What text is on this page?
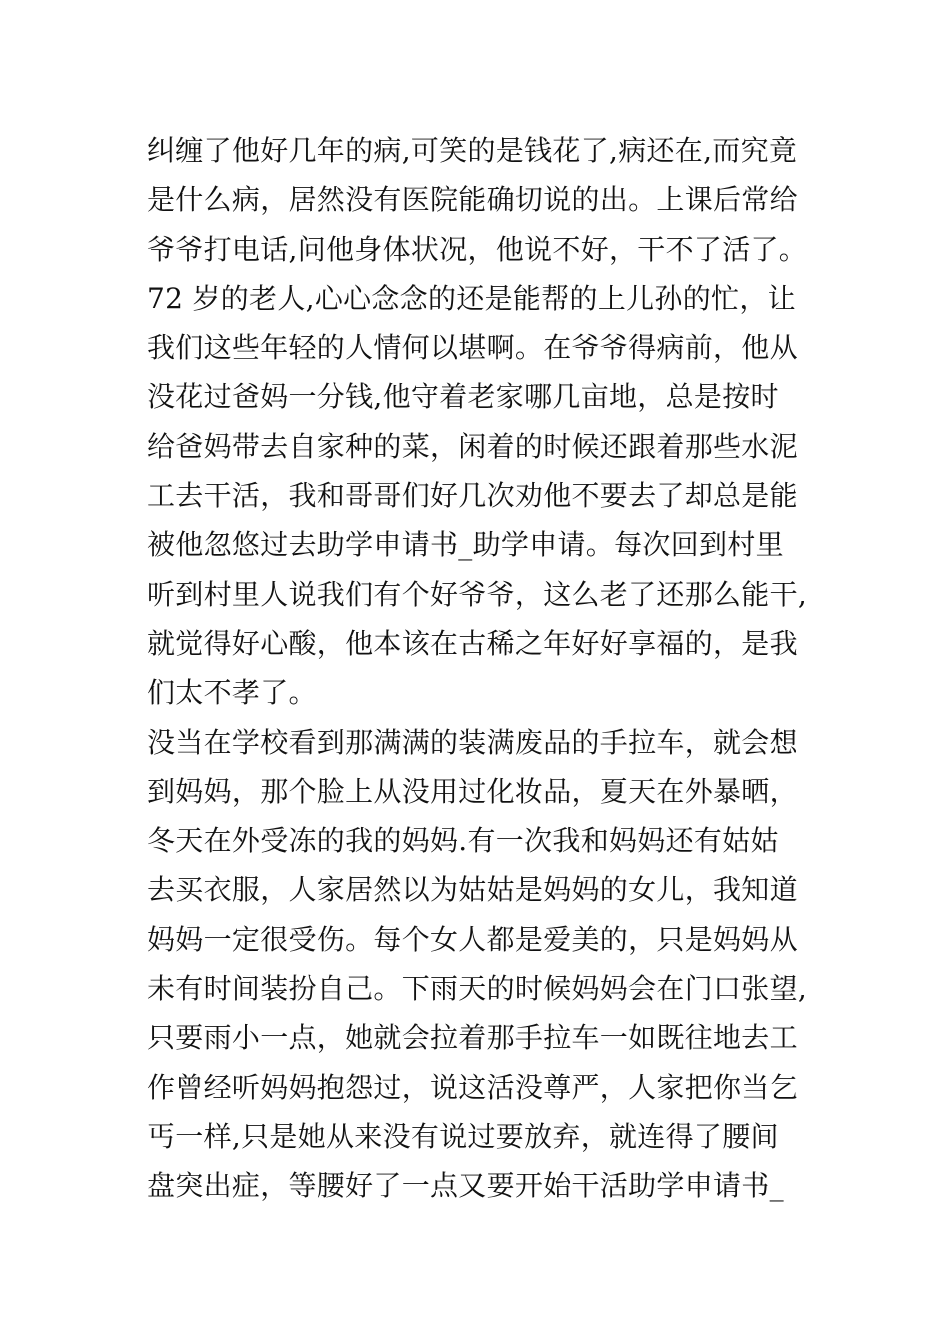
纠缠了他好几年的病,可笑的是钱花了,病还在,而究竟
是什么病，居然没有医院能确切说的出。上课后常给
爷爷打电话,问他身体状况，他说不好，干不了活了。
72 岁的老人,心心念念的还是能帮的上儿孙的忙，让
我们这些年轻的人情何以堪啊。在爷爷得病前，他从
没花过爸妈一分钱,他守着老家哪几亩地，总是按时
给爸妈带去自家种的菜，闲着的时候还跟着那些水泥
工去干活，我和哥哥们好几次劝他不要去了却总是能
被他忽悠过去助学申请书_助学申请。每次回到村里
听到村里人说我们有个好爷爷，这么老了还那么能干,
就觉得好心酸，他本该在古稀之年好好享福的，是我
们太不孝了。
没当在学校看到那满满的装满废品的手拉车，就会想
到妈妈，那个脸上从没用过化妆品，夏天在外暴晒，
冬天在外受冻的我的妈妈.有一次我和妈妈还有姑姑
去买衣服，人家居然以为姑姑是妈妈的女儿，我知道
妈妈一定很受伤。每个女人都是爱美的，只是妈妈从
未有时间装扮自己。下雨天的时候妈妈会在门口张望,
只要雨小一点，她就会拉着那手拉车一如既往地去工
作曾经听妈妈抱怨过，说这活没尊严，人家把你当乞
丐一样,只是她从来没有说过要放弃，就连得了腰间
盘突出症，等腰好了一点又要开始干活助学申请书_
